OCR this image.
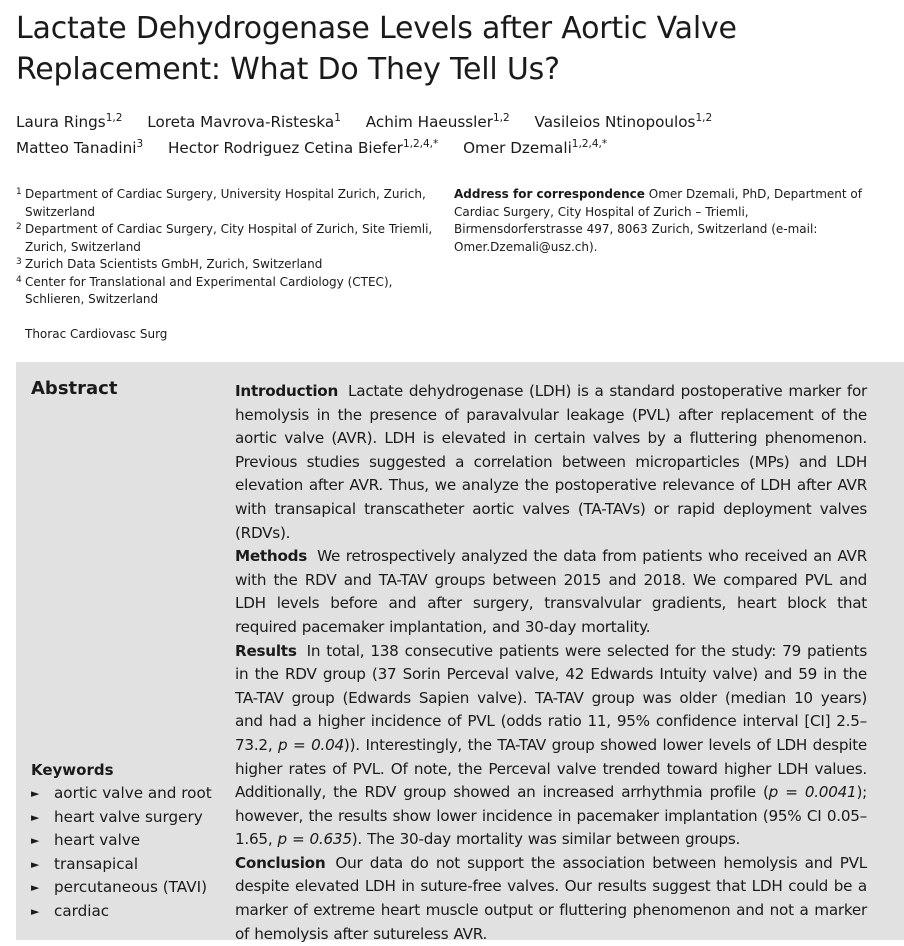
Lactate Dehydrogenase Levels after Aortic Valve Replacement: What Do They Tell Us?
Laura Rings$^{1,2}$ Loreta Mavrova-Risteska$^1$ Achim Haeussler$^{1,2}$ Vasileios Ntinopoulos$^{1,2}$
Matteo Tanadini$^3$ Hector Rodriguez Cetina Biefer$^{1,2,4,*}$ Omer Dzemali$^{1,2,4,*}$
1 Department of Cardiac Surgery, University Hospital Zurich, Zurich, Switzerland
2 Department of Cardiac Surgery, City Hospital of Zurich, Site Triemli, Zurich, Switzerland
3 Zurich Data Scientists GmbH, Zurich, Switzerland
4 Center for Translational and Experimental Cardiology (CTEC), Schlieren, Switzerland
Thorac Cardiovasc Surg
Address for correspondence Omer Dzemali, PhD, Department of Cardiac Surgery, City Hospital of Zurich – Triemli, Birmensdorferstrasse 497, 8063 Zurich, Switzerland (e-mail: Omer.Dzemali@usz.ch).
Abstract	Introduction Lactate dehydrogenase (LDH) is a standard postoperative marker for hemolysis in the presence of paravalvular leakage (PVL) after replacement of the aortic valve (AVR). LDH is elevated in certain valves by a fluttering phenomenon. Previous studies suggested a correlation between microparticles (MPs) and LDH elevation after AVR. Thus, we analyze the postoperative relevance of LDH after AVR with transapical transcatheter aortic valves (TA-TAVs) or rapid deployment valves (RDVs).

Methods We retrospectively analyzed the data from patients who received an AVR with the RDV and TA-TAV groups between 2015 and 2018. We compared PVL and LDH levels before and after surgery, transvalvular gradients, heart block that required pacemaker implantation, and 30-day mortality.

Results In total, 138 consecutive patients were selected for the study: 79 patients in the RDV group (37 Sorin Perceval valve, 42 Edwards Intuity valve) and 59 in the TA-TAV group (Edwards Sapien valve). TA-TAV group was older (median 10 years) and had a higher incidence of PVL (odds ratio 11, 95% confidence interval [CI] 2.5–73.2, p = 0.04)). Interestingly, the TA-TAV group showed lower levels of LDH despite higher rates of PVL. Of note, the Perceval valve trended toward higher LDH values. Additionally, the RDV group showed an increased arrhythmia profile (p = 0.0041); however, the results show lower incidence in pacemaker implantation (95% CI 0.05–1.65, p = 0.635). The 30-day mortality was similar between groups.

Conclusion Our data do not support the association between hemolysis and PVL despite elevated LDH in suture-free valves. Our results suggest that LDH could be a marker of extreme heart muscle output or fluttering phenomenon and not a marker of hemolysis after sutureless AVR.

Keywords
► aortic valve and root
► heart valve surgery
► heart valve
► transapical
► percutaneous (TAVI)
► cardiac
